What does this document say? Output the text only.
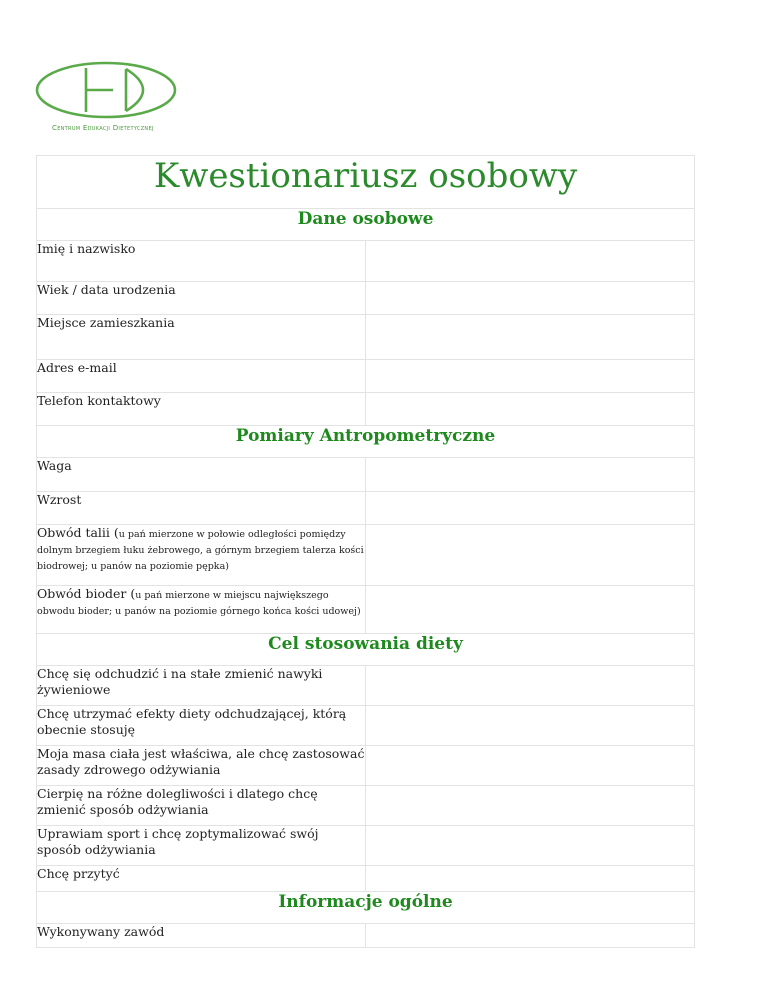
Centrum Edukacji Dietetycznej
Kwestionariusz osobowy	
Dane osobowe	
Imię i nazwisko	
Wiek / data urodzenia	
Miejsce zamieszkania	
Adres e-mail	
Telefon kontaktowy	
Pomiary Antropometryczne	
Waga	
Wzrost	
Obwód talii (u pań mierzone w połowie odległości pomiędzy dolnym brzegiem łuku żebrowego, a górnym brzegiem talerza kości biodrowej; u panów na poziomie pępka)	
Obwód bioder (u pań mierzone w miejscu największego obwodu bioder; u panów na poziomie górnego końca kości udowej)	
Cel stosowania diety	
Chcę się odchudzić i na stałe zmienić nawyki żywieniowe	
Chcę utrzymać efekty diety odchudzającej, którą obecnie stosuję	
Moja masa ciała jest właściwa, ale chcę zastosować zasady zdrowego odżywiania	
Cierpię na różne dolegliwości i dlatego chcę zmienić sposób odżywiania	
Uprawiam sport i chcę zoptymalizować swój sposób odżywiania	
Chcę przytyć	
Informacje ogólne	
Wykonywany zawód	
